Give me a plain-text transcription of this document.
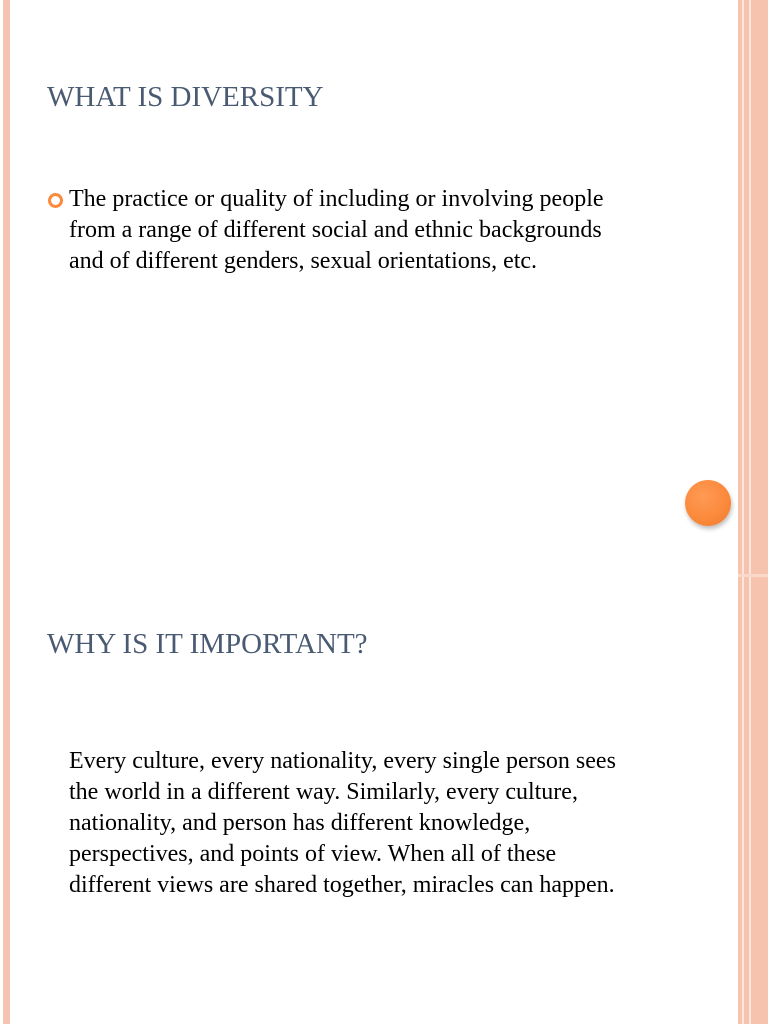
WHAT IS DIVERSITY
The practice or quality of including or involving people
from a range of different social and ethnic backgrounds
and of different genders, sexual orientations, etc.
WHY IS IT IMPORTANT?
Every culture, every nationality, every single person sees
the world in a different way. Similarly, every culture,
nationality, and person has different knowledge,
perspectives, and points of view. When all of these
different views are shared together, miracles can happen.
